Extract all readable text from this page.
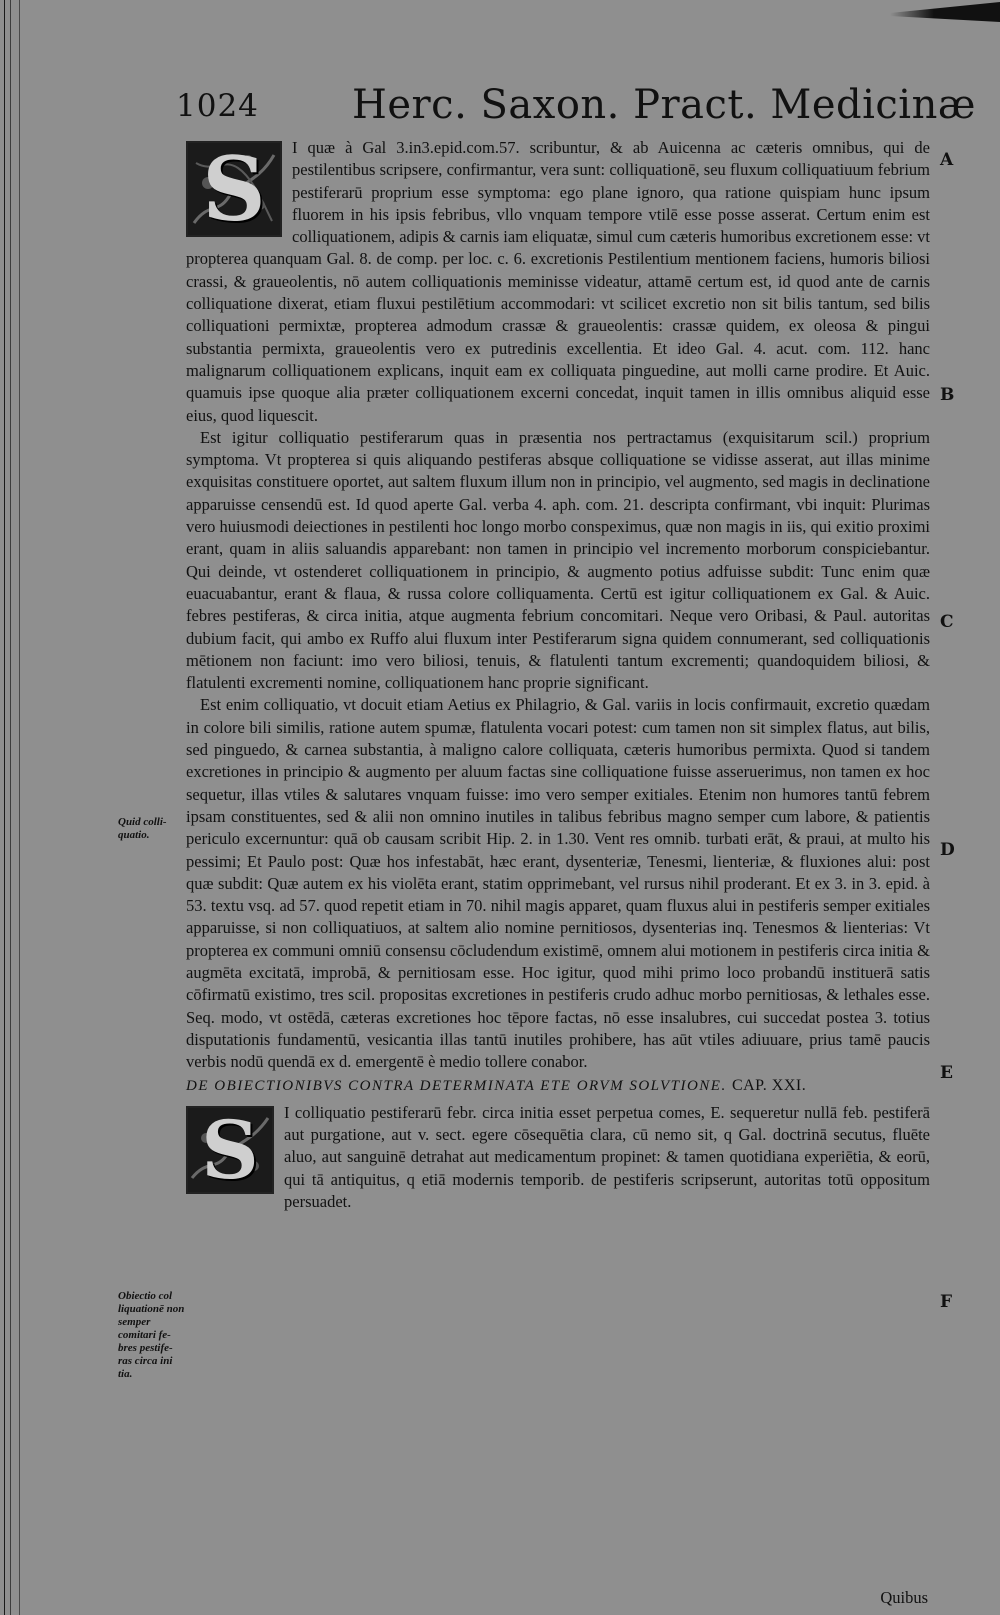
1024 Herc. Saxon. Pract. Medicinæ
A
B
C
D
E
F
Quid colli-quatio.
Obiectio col liquationē non semper comitari fe-bres pestife-ras circa ini tia.
S	I quæ à Gal 3.in3.epid.com.57. scribuntur, & ab Auicenna ac cæteris omnibus, qui de pestilentibus scripsere, confirmantur, vera sunt: colliquationē, seu fluxum colliquatiuum febrium pestiferarū proprium esse symptoma: ego plane ignoro, qua ratione quispiam hunc ipsum fluorem in his ipsis febribus, vllo vnquam tempore vtilē esse posse asserat. Certum enim est colliquationem, adipis & carnis iam eliquatæ, simul cum cæteris humoribus excretionem esse: vt propterea quanquam Gal. 8. de comp. per loc. c. 6. excretionis Pestilentium mentionem faciens, humoris biliosi crassi, & graueolentis, nō autem colliquationis meminisse videatur, attamē certum est, id quod ante de carnis colliquatione dixerat, etiam fluxui pestilētium accommodari: vt scilicet excretio non sit bilis tantum, sed bilis colliquationi permixtæ, propterea admodum crassæ & graueolentis: crassæ quidem, ex oleosa & pingui substantia permixta, graueolentis vero ex putredinis excellentia. Et ideo Gal. 4. acut. com. 112. hanc malignarum colliquationem explicans, inquit eam ex colliquata pinguedine, aut molli carne prodire. Et Auic. quamuis ipse quoque alia præter colliquationem excerni concedat, inquit tamen in illis omnibus aliquid esse eius, quod liquescit.

Est igitur colliquatio pestiferarum quas in præsentia nos pertractamus (exquisitarum scil.) proprium symptoma. Vt propterea si quis aliquando pestiferas absque colliquatione se vidisse asserat, aut illas minime exquisitas constituere oportet, aut saltem fluxum illum non in principio, vel augmento, sed magis in declinatione apparuisse censendū est. Id quod aperte Gal. verba 4. aph. com. 21. descripta confirmant, vbi inquit: Plurimas vero huiusmodi deiectiones in pestilenti hoc longo morbo conspeximus, quæ non magis in iis, qui exitio proximi erant, quam in aliis saluandis apparebant: non tamen in principio vel incremento morborum conspiciebantur. Qui deinde, vt ostenderet colliquationem in principio, & augmento potius adfuisse subdit: Tunc enim quæ euacuabantur, erant & flaua, & russa colore colliquamenta. Certū est igitur colliquationem ex Gal. & Auic. febres pestiferas, & circa initia, atque augmenta febrium concomitari. Neque vero Oribasi, & Paul. autoritas dubium facit, qui ambo ex Ruffo alui fluxum inter Pestiferarum signa quidem connumerant, sed colliquationis mētionem non faciunt: imo vero biliosi, tenuis, & flatulenti tantum excrementi; quandoquidem biliosi, & flatulenti excrementi nomine, colliquationem hanc proprie significant.

Est enim colliquatio, vt docuit etiam Aetius ex Philagrio, & Gal. variis in locis confirmauit, excretio quædam in colore bili similis, ratione autem spumæ, flatulenta vocari potest: cum tamen non sit simplex flatus, aut bilis, sed pinguedo, & carnea substantia, à maligno calore colliquata, cæteris humoribus permixta. Quod si tandem excretiones in principio & augmento per aluum factas sine colliquatione fuisse asseruerimus, non tamen ex hoc sequetur, illas vtiles & salutares vnquam fuisse: imo vero semper exitiales. Etenim non humores tantū febrem ipsam constituentes, sed & alii non omnino inutiles in talibus febribus magno semper cum labore, & patientis periculo excernuntur: quā ob causam scribit Hip. 2. in 1.30. Vent res omnib. turbati erāt, & praui, at multo his pessimi; Et Paulo post: Quæ hos infestabāt, hæc erant, dysenteriæ, Tenesmi, lienteriæ, & fluxiones alui: post quæ subdit: Quæ autem ex his violēta erant, statim opprimebant, vel rursus nihil proderant. Et ex 3. in 3. epid. à 53. textu vsq. ad 57. quod repetit etiam in 70. nihil magis apparet, quam fluxus alui in pestiferis semper exitiales apparuisse, si non colliquatiuos, at saltem alio nomine pernitiosos, dysenterias inq. Tenesmos & lienterias: Vt propterea ex communi omniū consensu cōcludendum existimē, omnem alui motionem in pestiferis circa initia & augmēta excitatā, improbā, & pernitiosam esse. Hoc igitur, quod mihi primo loco probandū instituerā satis cōfirmatū existimo, tres scil. propositas excretiones in pestiferis crudo adhuc morbo pernitiosas, & lethales esse. Seq. modo, vt ostēdā, cæteras excretiones hoc tēpore factas, nō esse insalubres, cui succedat postea 3. totius disputationis fundamentū, vesicantia illas tantū inutiles prohibere, has aūt vtiles adiuuare, prius tamē paucis verbis nodū quendā ex d. emergentē è medio tollere conabor.

DE OBIECTIONIBVS CONTRA DETERMINATA ETE ORVM SOLVTIONE. CAP. XXI.
S	I colliquatio pestiferarū febr. circa initia esset perpetua comes, E. sequeretur nullā feb. pestiferā aut purgatione, aut v. sect. egere cōsequētia clara, cū nemo sit, q Gal. doctrinā secutus, fluēte aluo, aut sanguinē detrahat aut medicamentum propinet: & tamen quotidiana experiētia, & eorū, qui tā antiquitus, q etiā modernis temporib. de pestiferis scripserunt, autoritas totū oppositum persuadet.

Quibus
